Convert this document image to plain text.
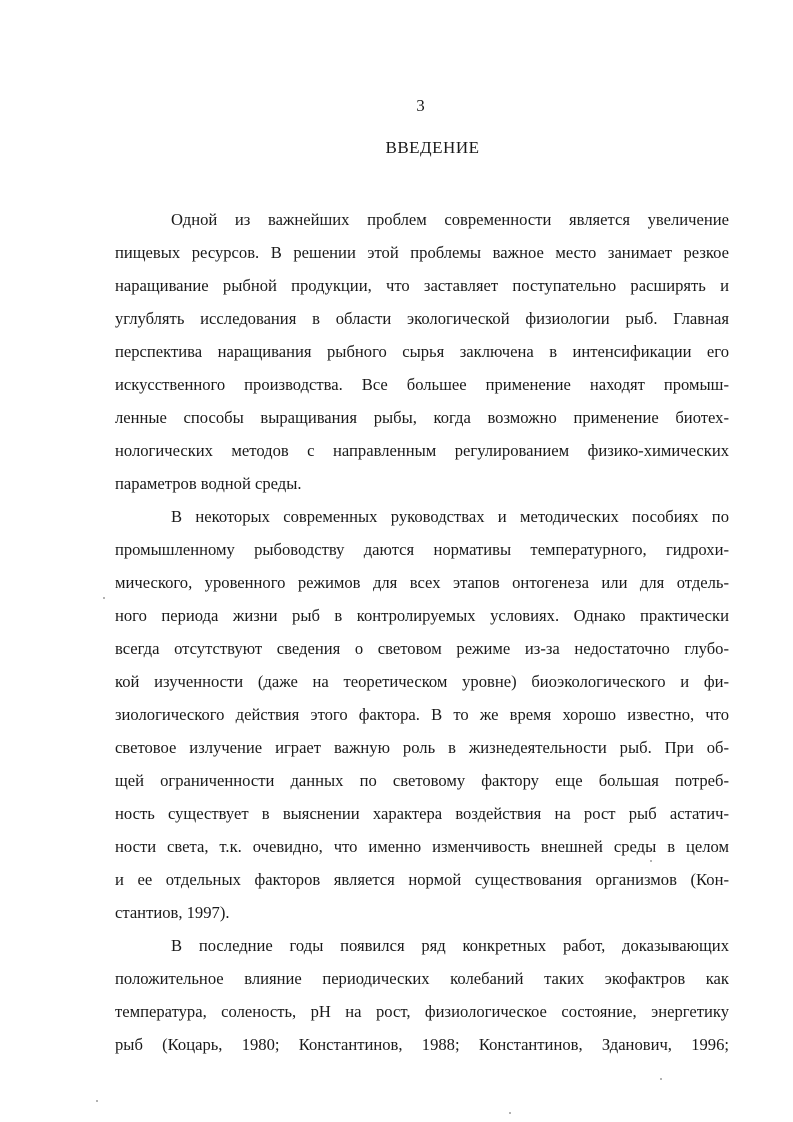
3
ВВЕДЕНИЕ
Одной из важнейших проблем современности является увеличение
пищевых ресурсов. В решении этой проблемы важное место занимает резкое
наращивание рыбной продукции, что заставляет поступательно расширять и
углублять исследования в области экологической физиологии рыб. Главная
перспектива наращивания рыбного сырья заключена в интенсификации его
искусственного производства. Все большее применение находят промыш-
ленные способы выращивания рыбы, когда возможно применение биотех-
нологических методов с направленным регулированием физико-химических
параметров водной среды.
В некоторых современных руководствах и методических пособиях по
промышленному рыбоводству даются нормативы температурного, гидрохи-
мического, уровенного режимов для всех этапов онтогенеза или для отдель-
ного периода жизни рыб в контролируемых условиях. Однако практически
всегда отсутствуют сведения о световом режиме из-за недостаточно глубо-
кой изученности (даже на теоретическом уровне) биоэкологического и фи-
зиологического действия этого фактора. В то же время хорошо известно, что
световое излучение играет важную роль в жизнедеятельности рыб. При об-
щей ограниченности данных по световому фактору еще большая потреб-
ность существует в выяснении характера воздействия на рост рыб астатич-
ности света, т.к. очевидно, что именно изменчивость внешней среды в целом
и ее отдельных факторов является нормой существования организмов (Кон-
стантиов, 1997).
В последние годы появился ряд конкретных работ, доказывающих
положительное влияние периодических колебаний таких экофактров как
температура, соленость, pH на рост, физиологическое состояние, энергетику
рыб (Коцарь, 1980; Константинов, 1988; Константинов, Зданович, 1996;
